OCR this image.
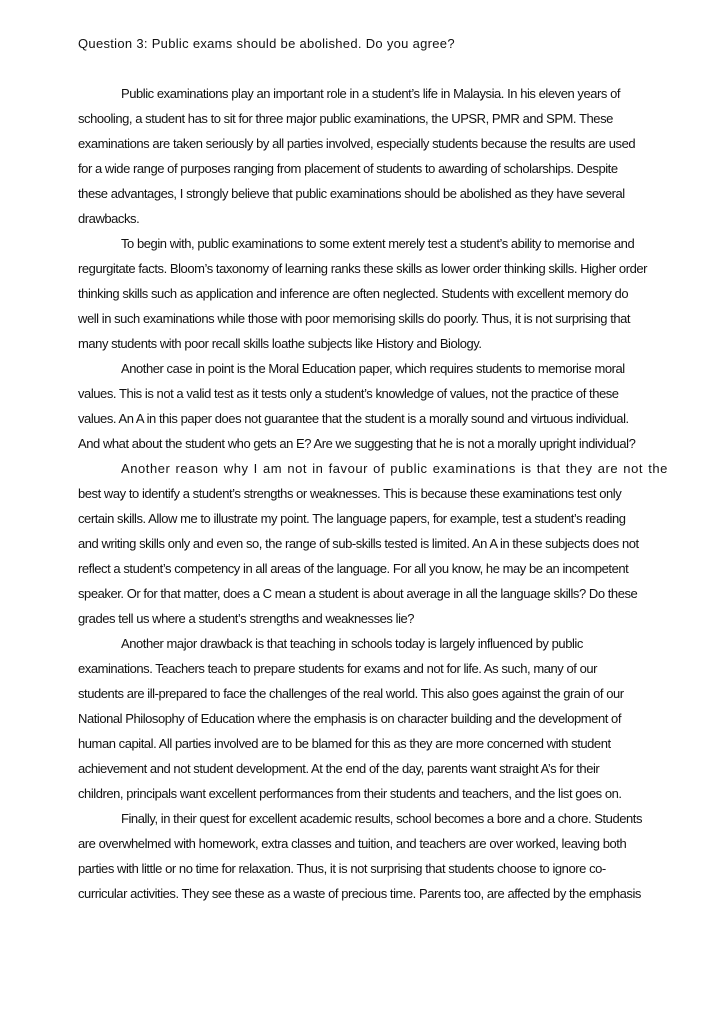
Question 3: Public exams should be abolished. Do you agree?
Public examinations play an important role in a student’s life in Malaysia. In his eleven years of
schooling, a student has to sit for three major public examinations, the UPSR, PMR and SPM. These
examinations are taken seriously by all parties involved, especially students because the results are used
for a wide range of purposes ranging from placement of students to awarding of scholarships. Despite
these advantages, I strongly believe that public examinations should be abolished as they have several
drawbacks.
To begin with, public examinations to some extent merely test a student’s ability to memorise and
regurgitate facts. Bloom’s taxonomy of learning ranks these skills as lower order thinking skills. Higher order
thinking skills such as application and inference are often neglected. Students with excellent memory do
well in such examinations while those with poor memorising skills do poorly. Thus, it is not surprising that
many students with poor recall skills loathe subjects like History and Biology.
Another case in point is the Moral Education paper, which requires students to memorise moral
values. This is not a valid test as it tests only a student’s knowledge of values, not the practice of these
values. An A in this paper does not guarantee that the student is a morally sound and virtuous individual.
And what about the student who gets an E? Are we suggesting that he is not a morally upright individual?
Another reason why I am not in favour of public examinations is that they are not the
best way to identify a student’s strengths or weaknesses. This is because these examinations test only
certain skills. Allow me to illustrate my point. The language papers, for example, test a student’s reading
and writing skills only and even so, the range of sub-skills tested is limited. An A in these subjects does not
reflect a student’s competency in all areas of the language. For all you know, he may be an incompetent
speaker. Or for that matter, does a C mean a student is about average in all the language skills? Do these
grades tell us where a student’s strengths and weaknesses lie?
Another major drawback is that teaching in schools today is largely influenced by public
examinations. Teachers teach to prepare students for exams and not for life. As such, many of our
students are ill-prepared to face the challenges of the real world. This also goes against the grain of our
National Philosophy of Education where the emphasis is on character building and the development of
human capital. All parties involved are to be blamed for this as they are more concerned with student
achievement and not student development. At the end of the day, parents want straight A’s for their
children, principals want excellent performances from their students and teachers, and the list goes on.
Finally, in their quest for excellent academic results, school becomes a bore and a chore. Students
are overwhelmed with homework, extra classes and tuition, and teachers are over worked, leaving both
parties with little or no time for relaxation. Thus, it is not surprising that students choose to ignore co-
curricular activities. They see these as a waste of precious time. Parents too, are affected by the emphasis
